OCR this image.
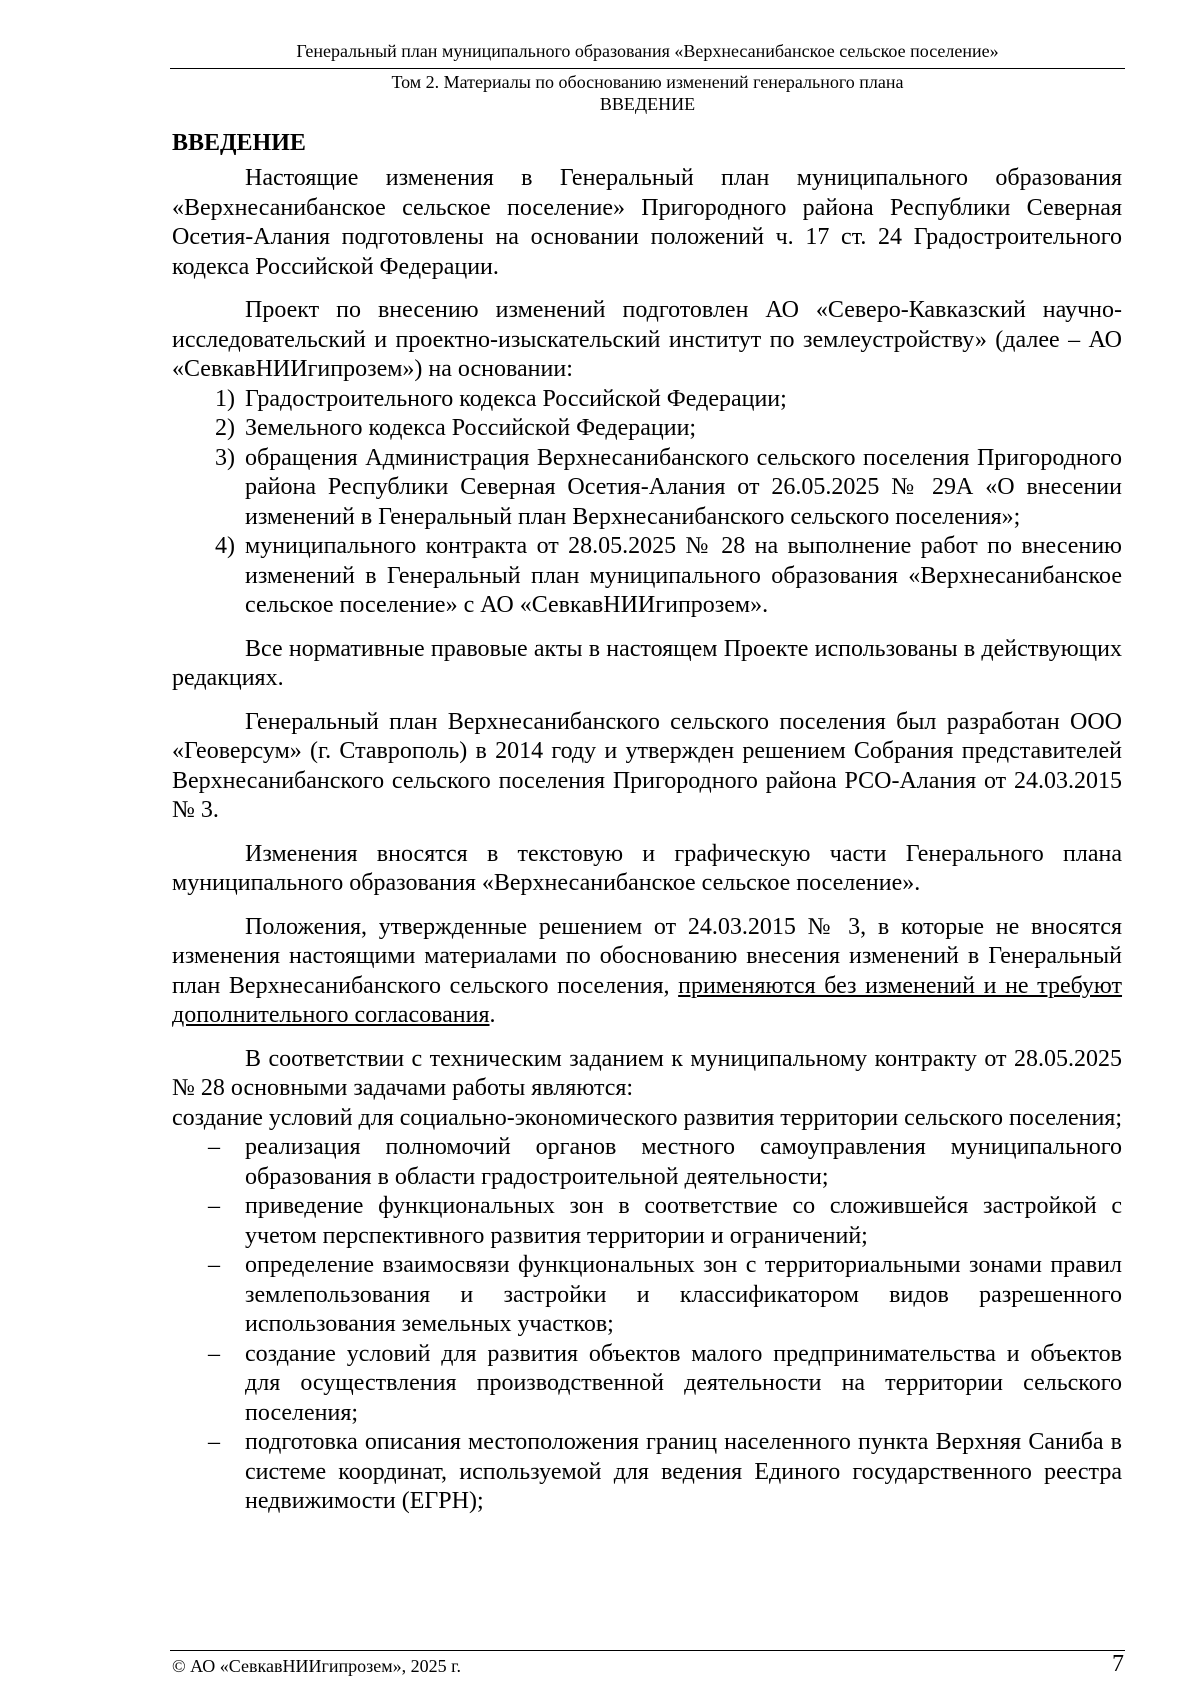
Генеральный план муниципального образования «Верхнесанибанское сельское поселение»
Том 2. Материалы по обоснованию изменений генерального плана
ВВЕДЕНИЕ
ВВЕДЕНИЕ

Настоящие изменения в Генеральный план муниципального образования «Верхнесанибанское сельское поселение» Пригородного района Республики Северная Осетия-Алания подготовлены на основании положений ч. 17 ст. 24 Градостроительного кодекса Российской Федерации.

Проект по внесению изменений подготовлен АО «Северо-Кавказский научно-исследовательский и проектно-изыскательский институт по землеустройству» (далее – АО «СевкавНИИгипрозем») на основании:

1) Градостроительного кодекса Российской Федерации;
2) Земельного кодекса Российской Федерации;
3) обращения Администрация Верхнесанибанского сельского поселения Пригородного района Республики Северная Осетия-Алания от 26.05.2025 № 29А «О внесении изменений в Генеральный план Верхнесанибанского сельского поселения»;
4) муниципального контракта от 28.05.2025 № 28 на выполнение работ по внесению изменений в Генеральный план муниципального образования «Верхнесанибанское сельское поселение» с АО «СевкавНИИгипрозем».

Все нормативные правовые акты в настоящем Проекте использованы в действующих редакциях.

Генеральный план Верхнесанибанского сельского поселения был разработан ООО «Геоверсум» (г. Ставрополь) в 2014 году и утвержден решением Собрания представителей Верхнесанибанского сельского поселения Пригородного района РСО-Алания от 24.03.2015 № 3.

Изменения вносятся в текстовую и графическую части Генерального плана муниципального образования «Верхнесанибанское сельское поселение».

Положения, утвержденные решением от 24.03.2015 № 3, в которые не вносятся изменения настоящими материалами по обоснованию внесения изменений в Генеральный план Верхнесанибанского сельского поселения, применяются без изменений и не требуют дополнительного согласования.

В соответствии с техническим заданием к муниципальному контракту от 28.05.2025 № 28 основными задачами работы являются:

создание условий для социально-экономического развития территории сельского поселения;

–	реализация полномочий органов местного самоуправления муниципального образования в области градостроительной деятельности;
–	приведение функциональных зон в соответствие со сложившейся застройкой с учетом перспективного развития территории и ограничений;
–	определение взаимосвязи функциональных зон с территориальными зонами правил землепользования и застройки и классификатором видов разрешенного использования земельных участков;
–	создание условий для развития объектов малого предпринимательства и объектов для осуществления производственной деятельности на территории сельского поселения;
–	подготовка описания местоположения границ населенного пункта Верхняя Саниба в системе координат, используемой для ведения Единого государственного реестра недвижимости (ЕГРН);
© АО «СевкавНИИгипрозем», 2025 г.	7
